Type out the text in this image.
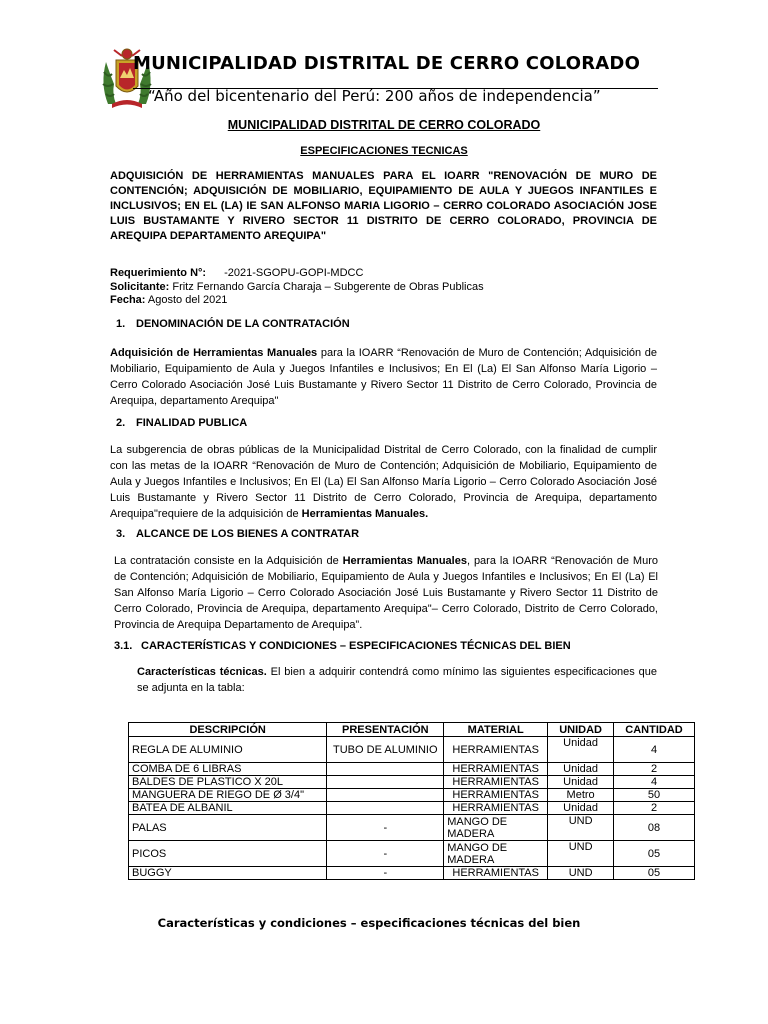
MUNICIPALIDAD DISTRITAL DE CERRO COLORADO
“Año del bicentenario del Perú: 200 años de independencia”
MUNICIPALIDAD DISTRITAL DE CERRO COLORADO
ESPECIFICACIONES TECNICAS
ADQUISICIÓN DE HERRAMIENTAS MANUALES PARA EL IOARR "RENOVACIÓN DE MURO DE CONTENCIÓN; ADQUISICIÓN DE MOBILIARIO, EQUIPAMIENTO DE AULA Y JUEGOS INFANTILES E INCLUSIVOS; EN EL (LA) IE SAN ALFONSO MARIA LIGORIO – CERRO COLORADO ASOCIACIÓN JOSE LUIS BUSTAMANTE Y RIVERO SECTOR 11 DISTRITO DE CERRO COLORADO, PROVINCIA DE AREQUIPA DEPARTAMENTO AREQUIPA"
Requerimiento N°: -2021-SGOPU-GOPI-MDCC
Solicitante: Fritz Fernando García Charaja – Subgerente de Obras Publicas
Fecha: Agosto del 2021
1. DENOMINACIÓN DE LA CONTRATACIÓN
Adquisición de Herramientas Manuales para la IOARR “Renovación de Muro de Contención; Adquisición de Mobiliario, Equipamiento de Aula y Juegos Infantiles e Inclusivos; En El (La) El San Alfonso María Ligorio – Cerro Colorado Asociación José Luis Bustamante y Rivero Sector 11 Distrito de Cerro Colorado, Provincia de Arequipa, departamento Arequipa"
2. FINALIDAD PUBLICA
La subgerencia de obras públicas de la Municipalidad Distrital de Cerro Colorado, con la finalidad de cumplir con las metas de la IOARR “Renovación de Muro de Contención; Adquisición de Mobiliario, Equipamiento de Aula y Juegos Infantiles e Inclusivos; En El (La) El San Alfonso María Ligorio – Cerro Colorado Asociación José Luis Bustamante y Rivero Sector 11 Distrito de Cerro Colorado, Provincia de Arequipa, departamento Arequipa"requiere de la adquisición de Herramientas Manuales.
3. ALCANCE DE LOS BIENES A CONTRATAR
La contratación consiste en la Adquisición de Herramientas Manuales, para la IOARR “Renovación de Muro de Contención; Adquisición de Mobiliario, Equipamiento de Aula y Juegos Infantiles e Inclusivos; En El (La) El San Alfonso María Ligorio – Cerro Colorado Asociación José Luis Bustamante y Rivero Sector 11 Distrito de Cerro Colorado, Provincia de Arequipa, departamento Arequipa"– Cerro Colorado, Distrito de Cerro Colorado, Provincia de Arequipa Departamento de Arequipa”.
3.1. CARACTERÍSTICAS Y CONDICIONES – ESPECIFICACIONES TÉCNICAS DEL BIEN
Características técnicas. El bien a adquirir contendrá como mínimo las siguientes especificaciones que se adjunta en la tabla:
DESCRIPCIÓN	PRESENTACIÓN	MATERIAL	UNIDAD	CANTIDAD
REGLA DE ALUMINIO	TUBO DE ALUMINIO	HERRAMIENTAS	Unidad	4
COMBA DE 6 LIBRAS		HERRAMIENTAS	Unidad	2
BALDES DE PLASTICO X 20L		HERRAMIENTAS	Unidad	4
MANGUERA DE RIEGO DE Ø 3/4"		HERRAMIENTAS	Metro	50
BATEA DE ALBANIL		HERRAMIENTAS	Unidad	2
PALAS	-	MANGO DE MADERA	UND	08
PICOS	-	MANGO DE MADERA	UND	05
BUGGY	-	HERRAMIENTAS	UND	05
Características y condiciones – especificaciones técnicas del bien
